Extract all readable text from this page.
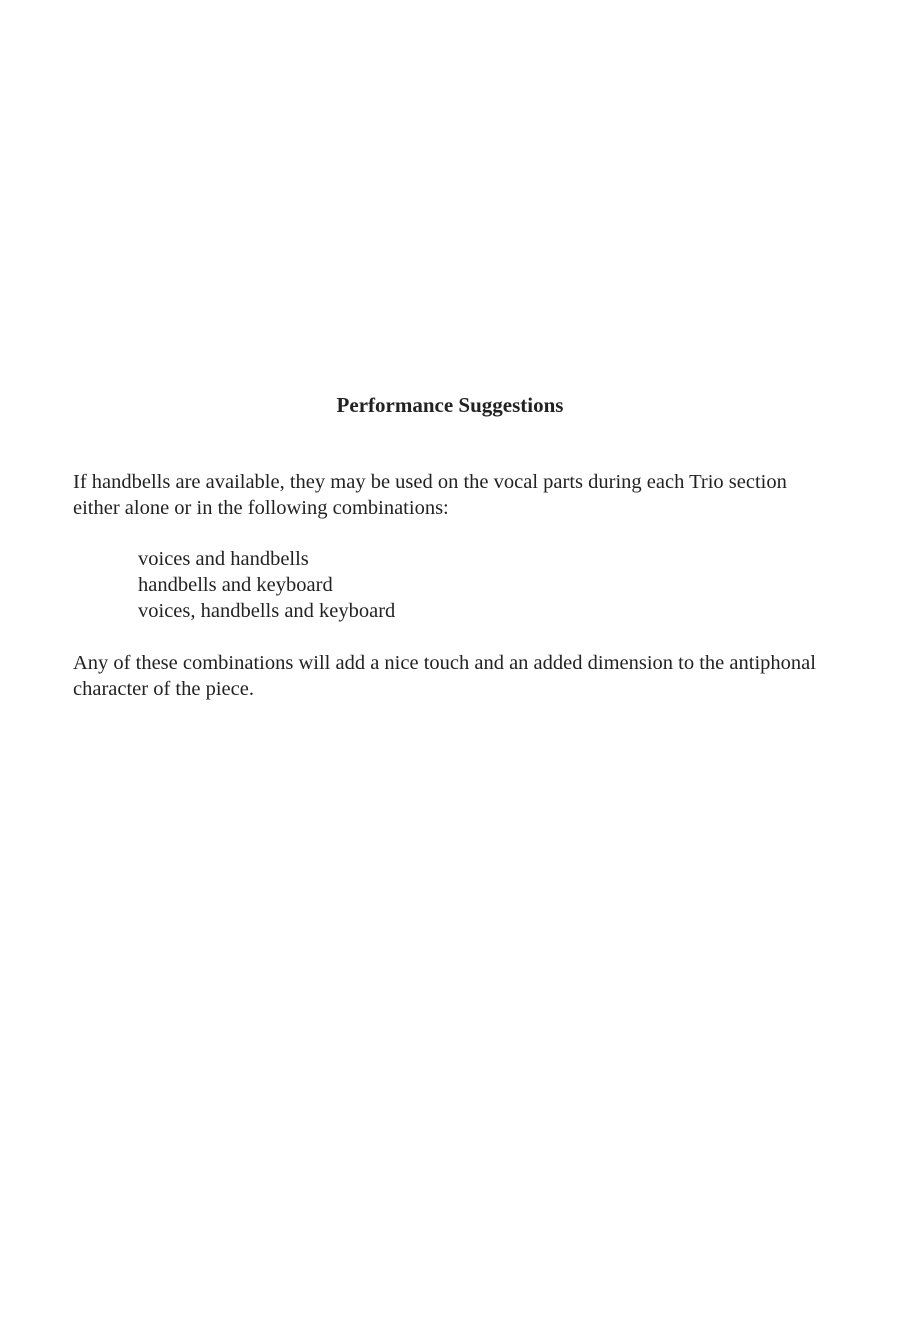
Performance Suggestions

If handbells are available, they may be used on the vocal parts during each Trio section
either alone or in the following combinations:

voices and handbells
handbells and keyboard
voices, handbells and keyboard

Any of these combinations will add a nice touch and an added dimension to the antiphonal
character of the piece.
